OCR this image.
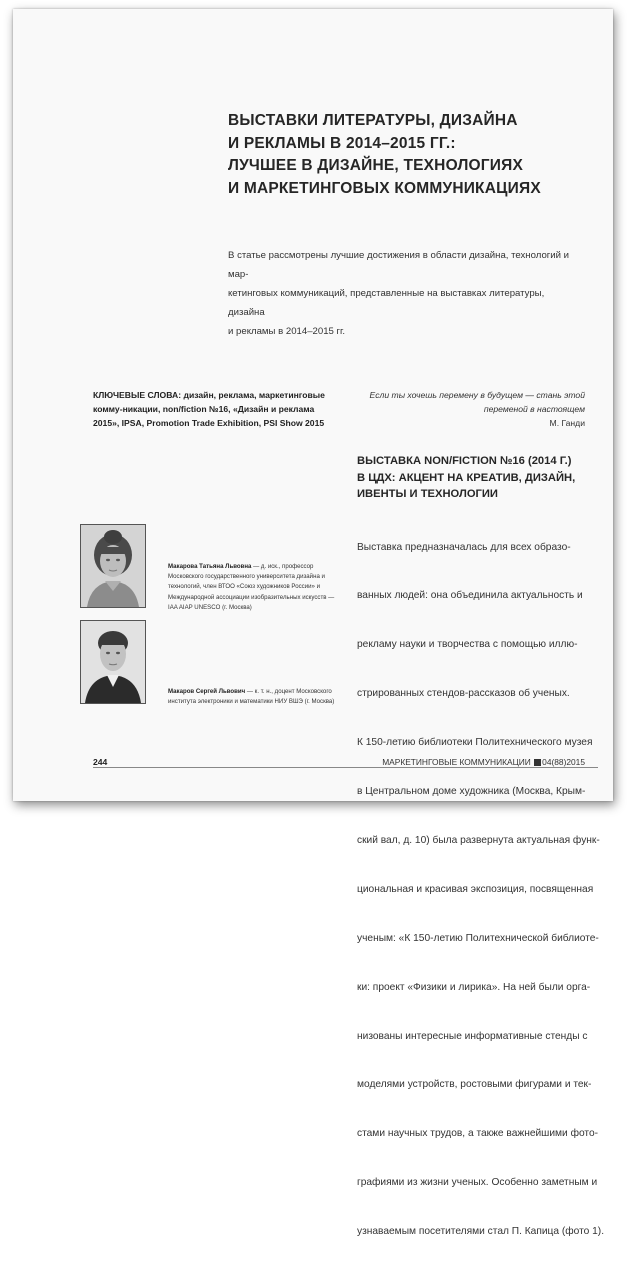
ВЫСТАВКИ ЛИТЕРАТУРЫ, ДИЗАЙНА
И РЕКЛАМЫ В 2014–2015 ГГ.:
ЛУЧШЕЕ В ДИЗАЙНЕ, ТЕХНОЛОГИЯХ
И МАРКЕТИНГОВЫХ КОММУНИКАЦИЯХ
В статье рассмотрены лучшие достижения в области дизайна, технологий и мар-
кетинговых коммуникаций, представленные на выставках литературы, дизайна
и рекламы в 2014–2015 гг.
КЛЮЧЕВЫЕ СЛОВА: дизайн, реклама, маркетинговые комму-никации, non/fiction №16, «Дизайн и реклама 2015», IPSA, Promotion Trade Exhibition, PSI Show 2015
Если ты хочешь перемену в будущем — стань этой
переменой в настоящем
М. Ганди
ВЫСТАВКА NON/FICTION №16 (2014 Г.)
В ЦДХ: АКЦЕНТ НА КРЕАТИВ, ДИЗАЙН,
ИВЕНТЫ И ТЕХНОЛОГИИ

Выставка предназначалась для всех образо-

ванных людей: она объединила актуальность и

рекламу науки и творчества с помощью иллю-

стрированных стендов-рассказов об ученых.

К 150-летию библиотеки Политехнического музея

в Центральном доме художника (Москва, Крым-

ский вал, д. 10) была развернута актуальная функ-

циональная и красивая экспозиция, посвященная

ученым: «К 150-летию Политехнической библиоте-

ки: проект «Физики и лирика». На ней были орга-

низованы интересные информативные стенды с

моделями устройств, ростовыми фигурами и тек-

стами научных трудов, а также важнейшими фото-

графиями из жизни ученых. Особенно заметным и

узнаваемым посетителями стал П. Капица (фото 1).

Макарова Татьяна Львовна — д. иск., профессор Московского государственного университета дизайна и технологий, член ВТОО «Союз художников России» и Международной ассоциации изобразительных искусств — IAA AIAP UNESCO (г. Москва)
Макаров Сергей Львович — к. т. н., доцент Московского института электроники и математики НИУ ВШЭ (г. Москва)
244	МАРКЕТИНГОВЫЕ КОММУНИКАЦИИ 04(88)2015
